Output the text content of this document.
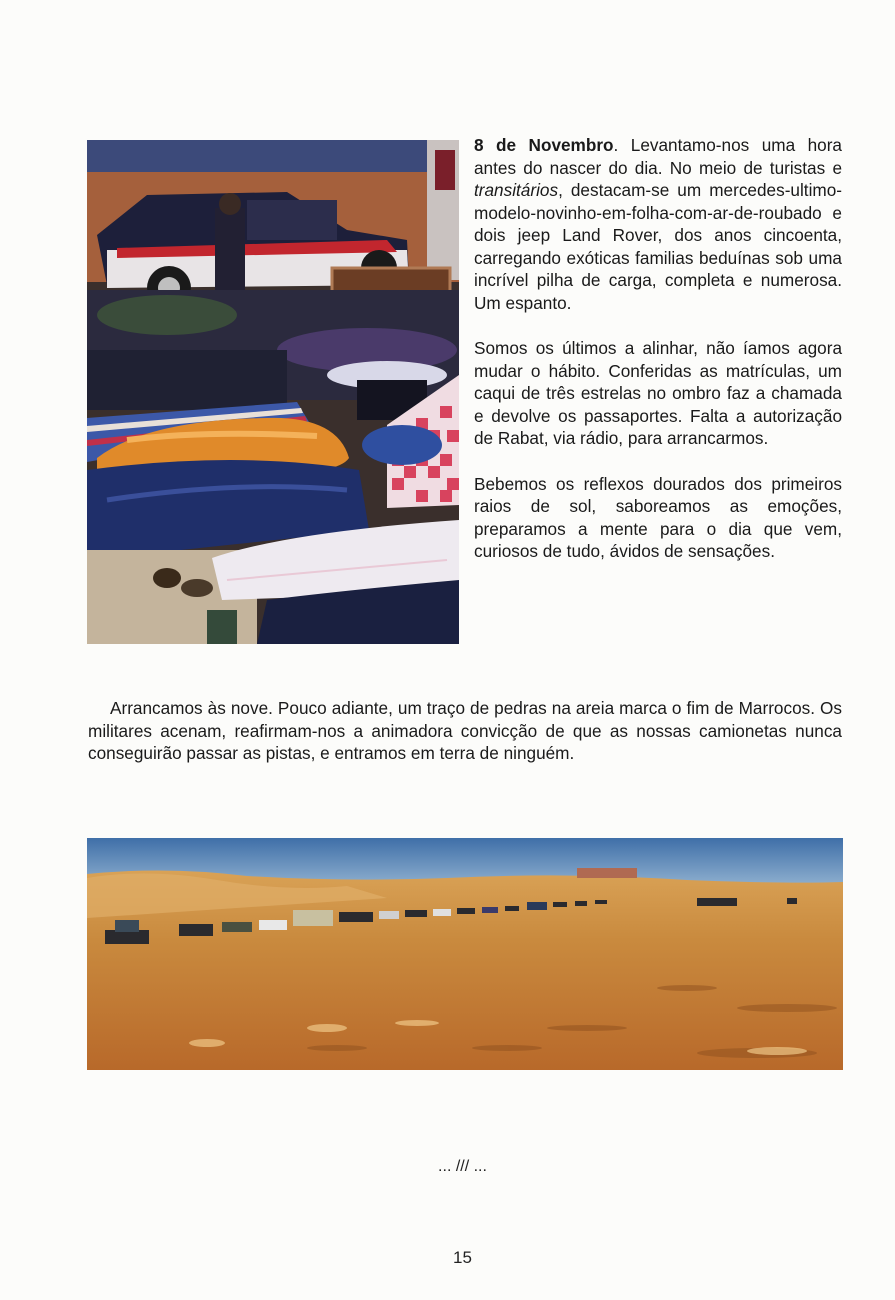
8 de Novembro. Levantamo-nos uma hora antes do nascer do dia. No meio de turistas e transitários, destacam-se um mercedes-ultimo-modelo-novinho-em-folha-com-ar-de-roubado e dois jeep Land Rover, dos anos cincoenta, carregando exóticas familias beduínas sob uma incrível pilha de carga, completa e numerosa. Um espanto.

Somos os últimos a alinhar, não íamos agora mudar o hábito. Conferidas as matrículas, um caqui de três estrelas no ombro faz a chamada e devolve os passaportes. Falta a autorização de Rabat, via rádio, para arrancarmos.

Bebemos os reflexos dourados dos primeiros raios de sol, saboreamos as emoções, preparamos a mente para o dia que vem, curiosos de tudo, ávidos de sensações.

Arrancamos às nove. Pouco adiante, um traço de pedras na areia marca o fim de Marrocos. Os militares acenam, reafirmam-nos a animadora convicção de que as nossas camionetas nunca conseguirão passar as pistas, e entramos em terra de ninguém.

... /// ...
15
